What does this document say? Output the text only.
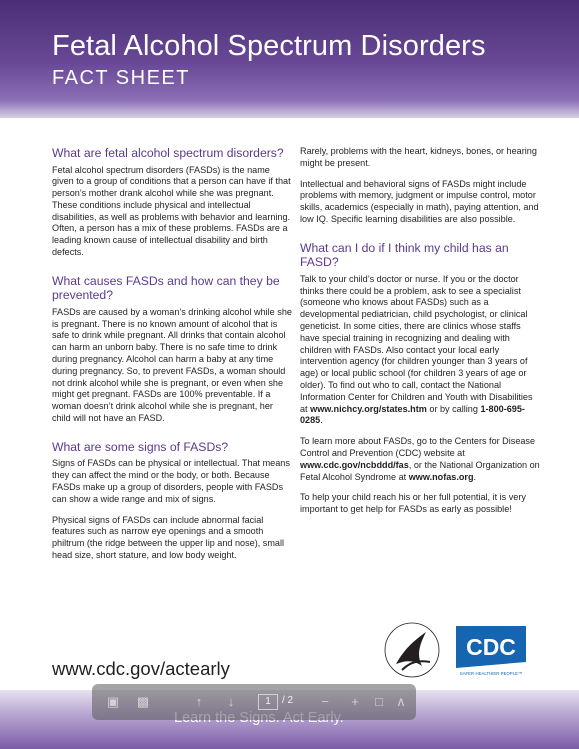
Fetal Alcohol Spectrum Disorders
FACT SHEET
What are fetal alcohol spectrum disorders?

Fetal alcohol spectrum disorders (FASDs) is the name given to a group of conditions that a person can have if that person’s mother drank alcohol while she was pregnant. These conditions include physical and intellectual disabilities, as well as problems with behavior and learning. Often, a person has a mix of these problems. FASDs are a leading known cause of intellectual disability and birth defects.

What causes FASDs and how can they be prevented?

FASDs are caused by a woman’s drinking alcohol while she is pregnant. There is no known amount of alcohol that is safe to drink while pregnant. All drinks that contain alcohol can harm an unborn baby. There is no safe time to drink during pregnancy. Alcohol can harm a baby at any time during pregnancy. So, to prevent FASDs, a woman should not drink alcohol while she is pregnant, or even when she might get pregnant. FASDs are 100% preventable. If a woman doesn’t drink alcohol while she is pregnant, her child will not have an FASD.

What are some signs of FASDs?

Signs of FASDs can be physical or intellectual. That means they can affect the mind or the body, or both. Because FASDs make up a group of disorders, people with FASDs can show a wide range and mix of signs.

Physical signs of FASDs can include abnormal facial features such as narrow eye openings and a smooth philtrum (the ridge between the upper lip and nose), small head size, short stature, and low body weight.

Rarely, problems with the heart, kidneys, bones, or hearing might be present.

Intellectual and behavioral signs of FASDs might include problems with memory, judgment or impulse control, motor skills, academics (especially in math), paying attention, and low IQ. Specific learning disabilities are also possible.

What can I do if I think my child has an FASD?

Talk to your child’s doctor or nurse. If you or the doctor thinks there could be a problem, ask to see a specialist (someone who knows about FASDs) such as a developmental pediatrician, child psychologist, or clinical geneticist. In some cities, there are clinics whose staffs have special training in recognizing and dealing with children with FASDs. Also contact your local early intervention agency (for children younger than 3 years of age) or local public school (for children 3 years of age or older). To find out who to call, contact the National Information Center for Children and Youth with Disabilities at www.nichcy.org/states.htm or by calling 1-800-695-0285.

To learn more about FASDs, go to the Centers for Disease Control and Prevention (CDC) website at www.cdc.gov/ncbddd/fas, or the National Organization on Fetal Alcohol Syndrome at www.nofas.org.

To help your child reach his or her full potential, it is very important to get help for FASDs as early as possible!

www.cdc.gov/actearly
CDC
SAFER·HEALTHIER·PEOPLE™
▣ ▩	↑ ↓	1	/ 2 − + □ ∧
